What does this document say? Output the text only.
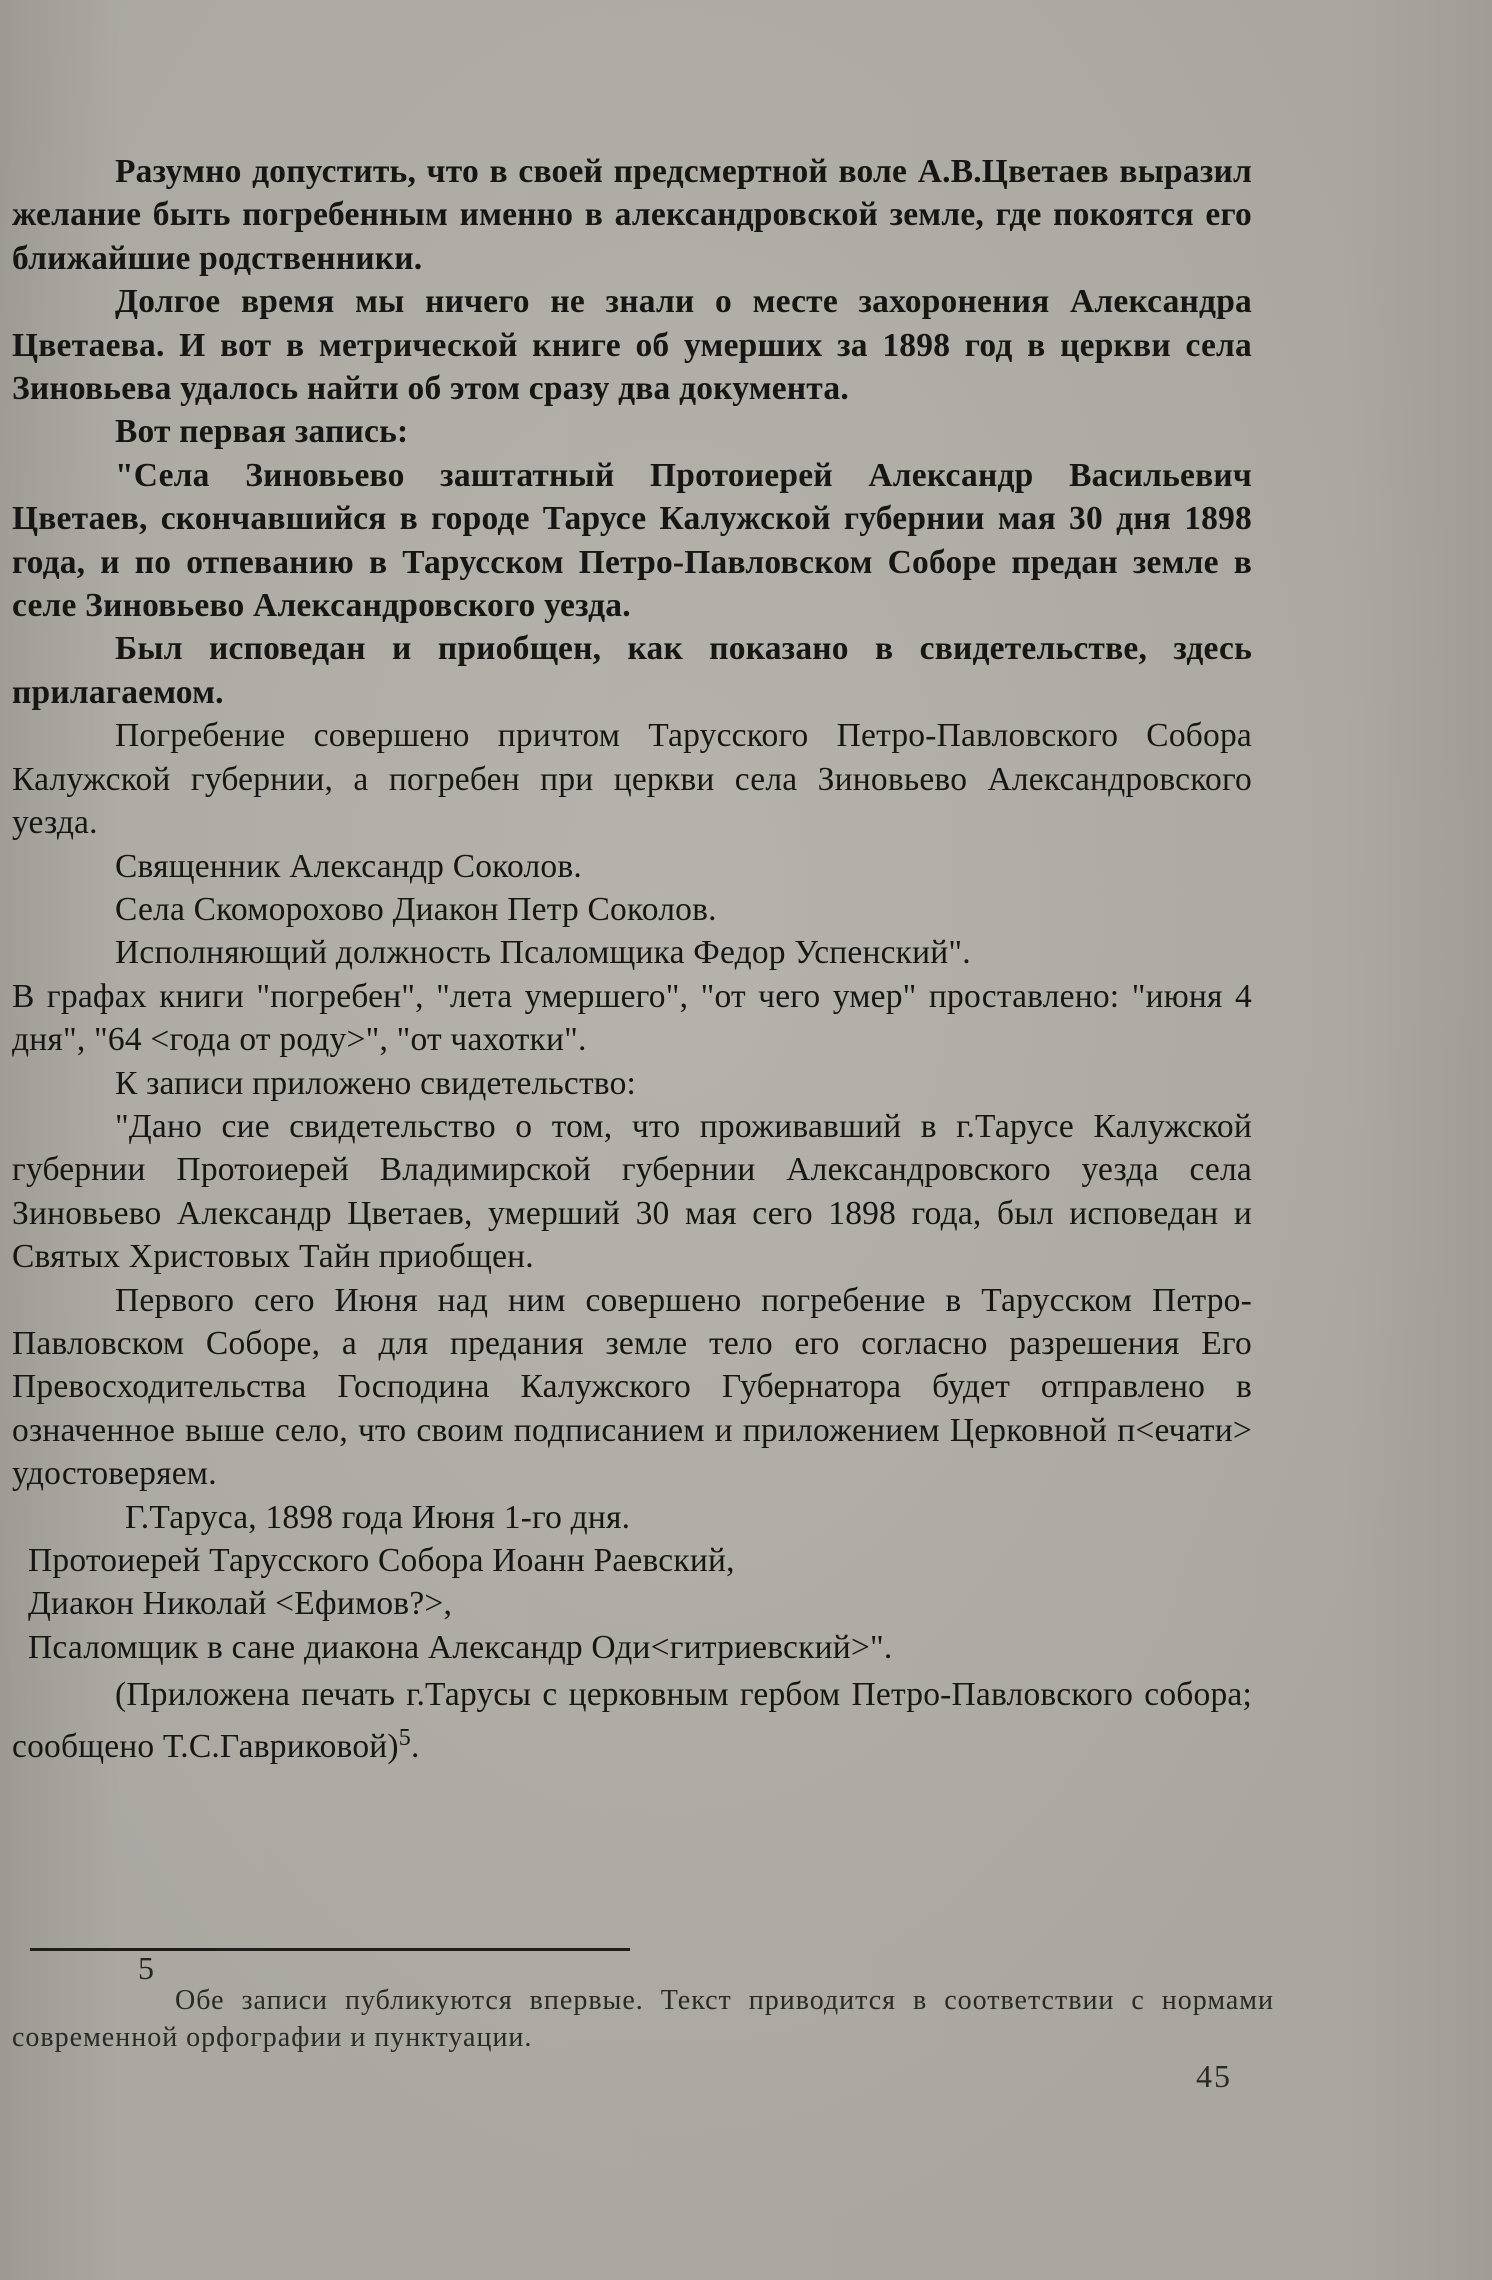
Разумно допустить, что в своей предсмертной воле А.В.Цветаев выразил желание быть погребенным именно в александровской земле, где покоятся его ближайшие родственники.

Долгое время мы ничего не знали о месте захоронения Александра Цветаева. И вот в метрической книге об умерших за 1898 год в церкви села Зиновьева удалось найти об этом сразу два документа.

Вот первая запись:

"Села Зиновьево заштатный Протоиерей Александр Васильевич Цветаев, скончавшийся в городе Тарусе Калужской губернии мая 30 дня 1898 года, и по отпеванию в Тарусском Петро-Павловском Соборе предан земле в селе Зиновьево Александровского уезда.

Был исповедан и приобщен, как показано в свидетельстве, здесь прилагаемом.

Погребение совершено причтом Тарусского Петро-Павловского Собора Калужской губернии, а погребен при церкви села Зиновьево Александровского уезда.

Священник Александр Соколов.

Села Скоморохово Диакон Петр Соколов.

Исполняющий должность Псаломщика Федор Успенский".

В графах книги "погребен", "лета умершего", "от чего умер" проставлено: "июня 4 дня", "64 <года от роду>", "от чахотки".

К записи приложено свидетельство:

"Дано сие свидетельство о том, что проживавший в г.Тарусе Калужской губернии Протоиерей Владимирской губернии Александровского уезда села Зиновьево Александр Цветаев, умерший 30 мая сего 1898 года, был исповедан и Святых Христовых Тайн приобщен.

Первого сего Июня над ним совершено погребение в Тарусском Петро-Павловском Соборе, а для предания земле тело его согласно разрешения Его Превосходительства Господина Калужского Губернатора будет отправлено в означенное выше село, что своим подписанием и приложением Церковной п<ечати> удостоверяем.

Г.Таруса, 1898 года Июня 1-го дня.

Протоиерей Тарусского Собора Иоанн Раевский,

Диакон Николай <Ефимов?>,

Псаломщик в сане диакона Александр Оди<гитриевский>".

(Приложена печать г.Тарусы с церковным гербом Петро-Павловского собора; сообщено Т.С.Гавриковой)$^5$.

5

Обе записи публикуются впервые. Текст приводится в соответствии с нормами современной орфографии и пунктуации.

45
